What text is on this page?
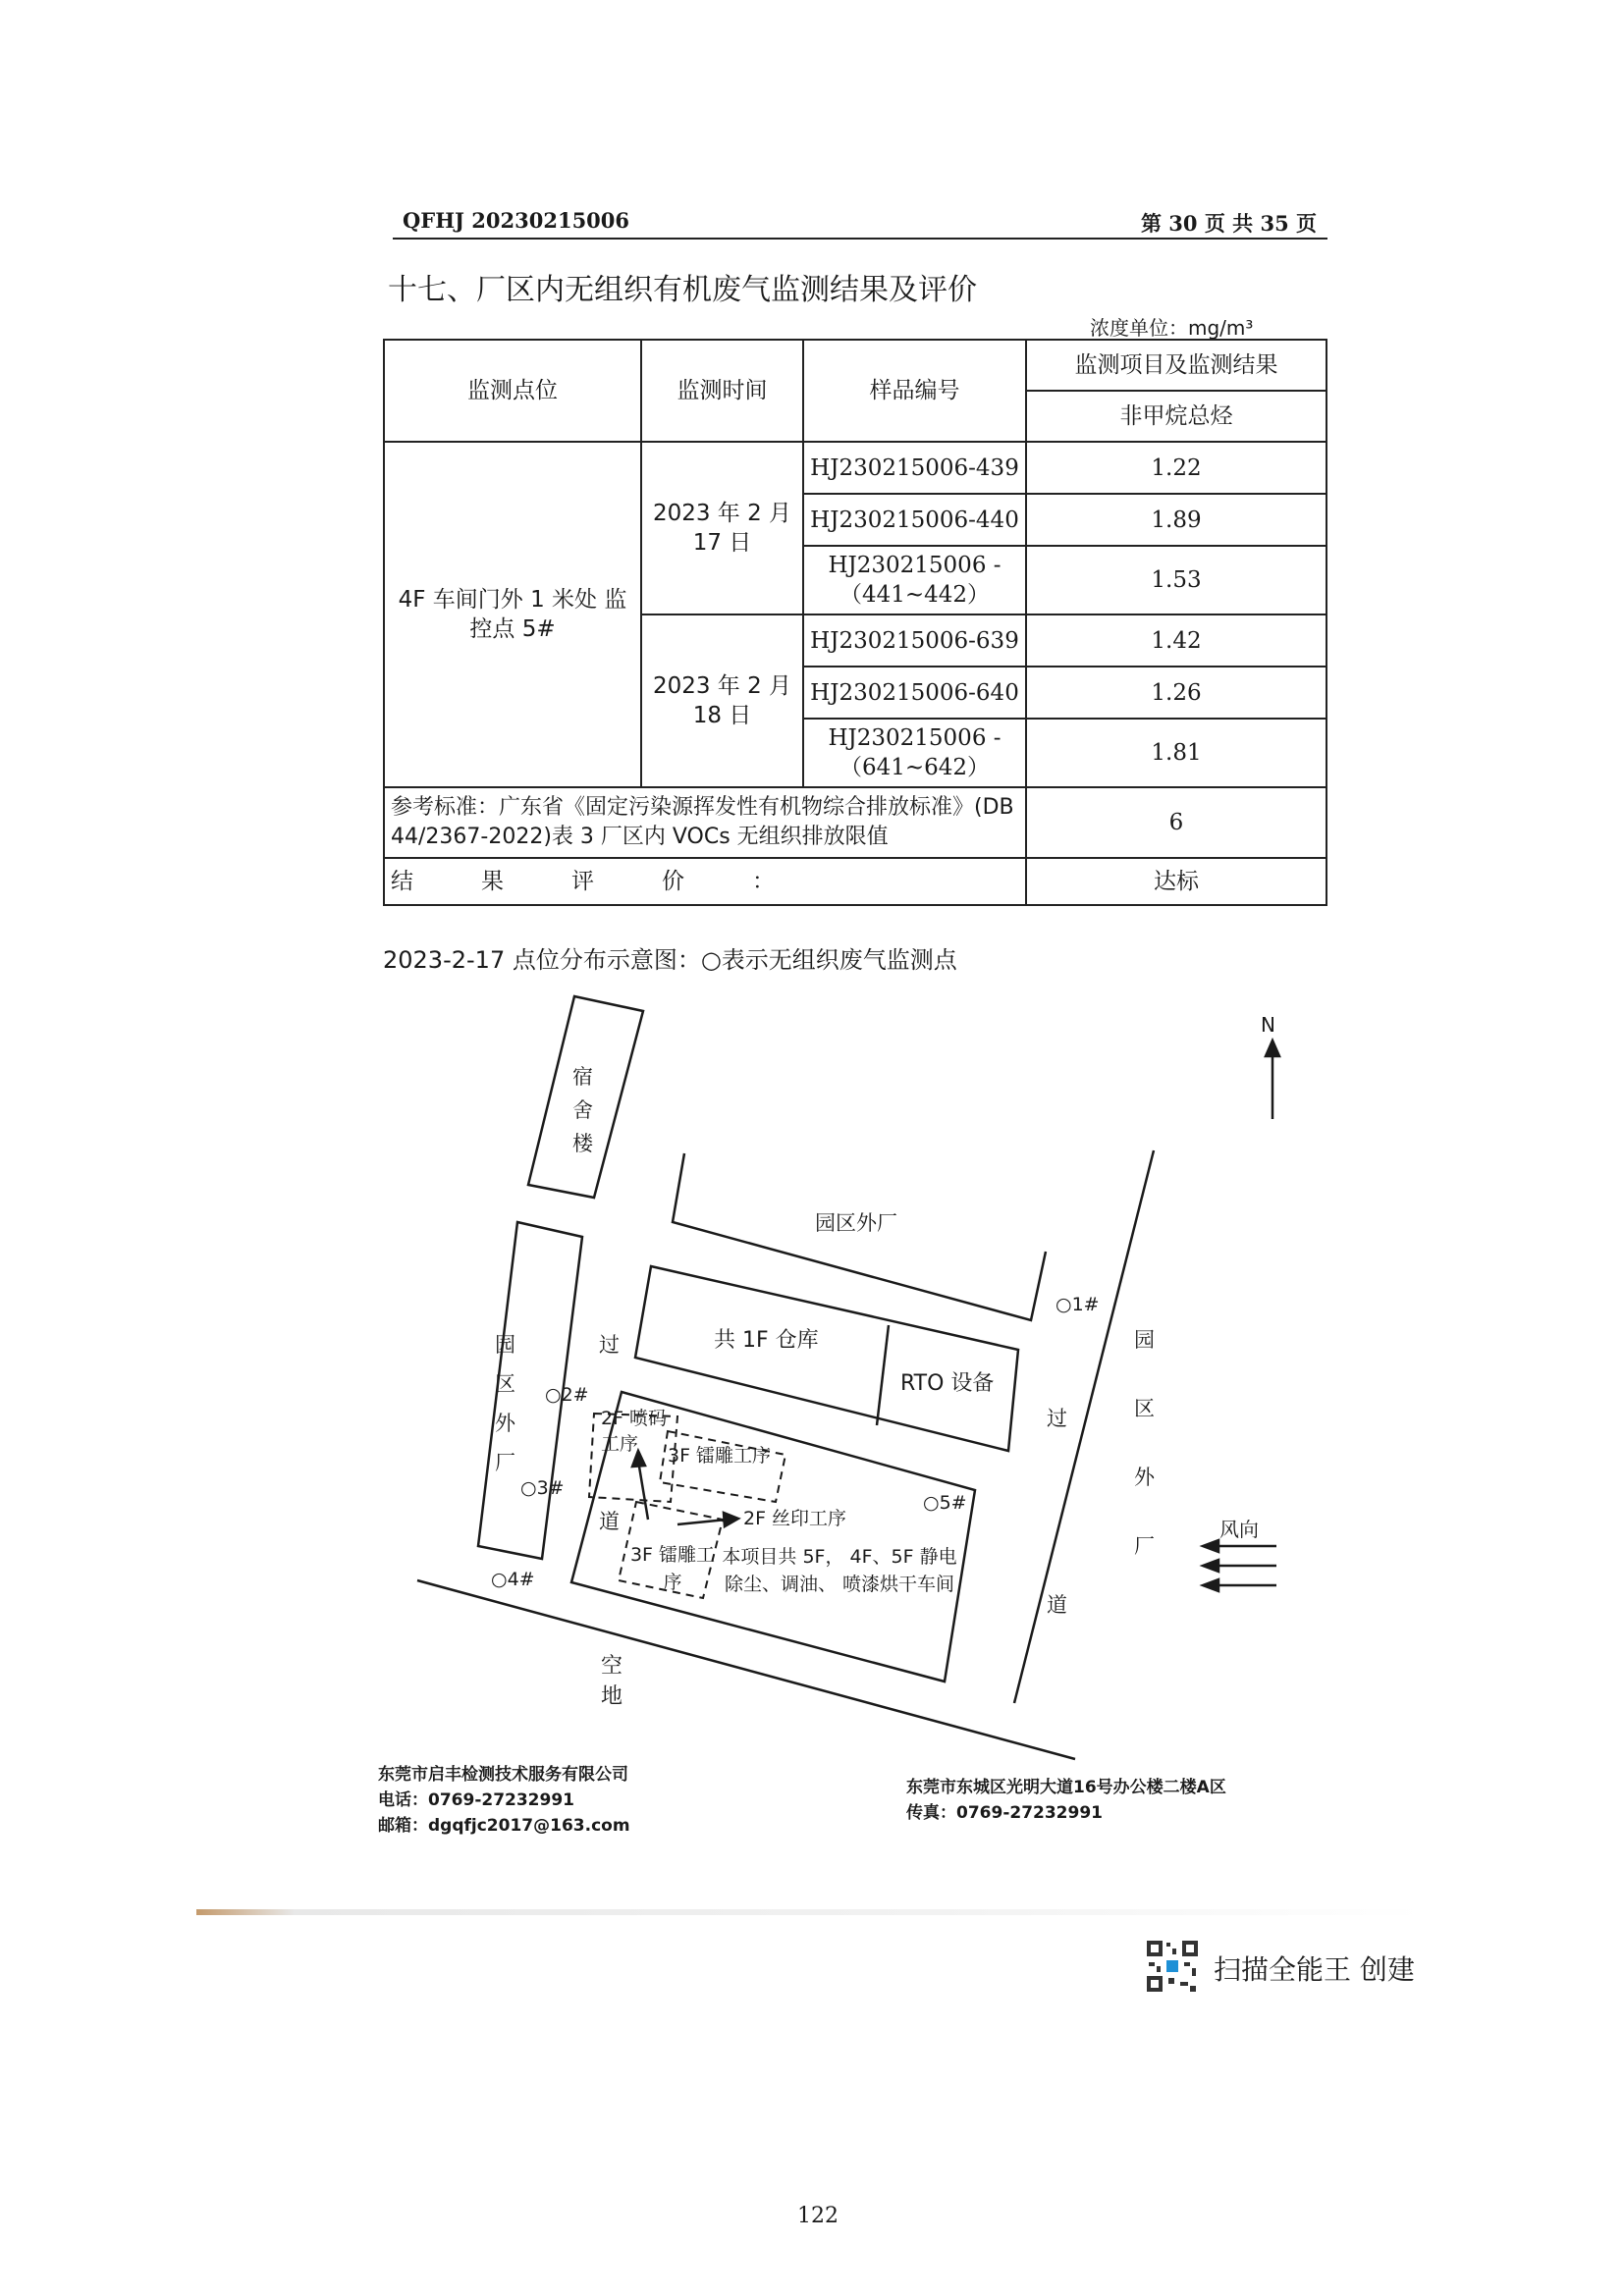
QFHJ 20230215006	第 30 页 共 35 页
十七、厂区内无组织有机废气监测结果及评价
浓度单位：mg/m³
监测点位	监测时间	样品编号	监测项目及监测结果
			非甲烷总烃
4F 车间门外 1 米处 监控点 5#	2023 年 2 月 17 日	HJ230215006-439	1.22
		HJ230215006-440	1.89
		HJ230215006 -（441~442）	1.53
	2023 年 2 月 18 日	HJ230215006-639	1.42
		HJ230215006-640	1.26
		HJ230215006 -（641~642）	1.81
参考标准：广东省《固定污染源挥发性有机物综合排放标准》(DB 44/2367-2022)表 3 厂区内 VOCs 无组织排放限值			6
结　　　果　　　评　　　价　　　：			达标
2023-2-17 点位分布示意图：○表示无组织废气监测点
N
宿舍楼
园区外厂
园区外厂
园区外厂
过道
过道
共 1F 仓库
RTO 设备
2F 喷码工序
3F 镭雕工序
2F 丝印工序
3F 镭雕工序
本项目共 5F， 4F、5F 静电除尘、调油、 喷漆烘干车间
空地
风向
○1#
○2#
○3#
○4#
○5#
东莞市启丰检测技术服务有限公司
电话：0769-27232991
邮箱：dgqfjc2017@163.com
东莞市东城区光明大道16号办公楼二楼A区
传真：0769-27232991
扫描全能王 创建
122
